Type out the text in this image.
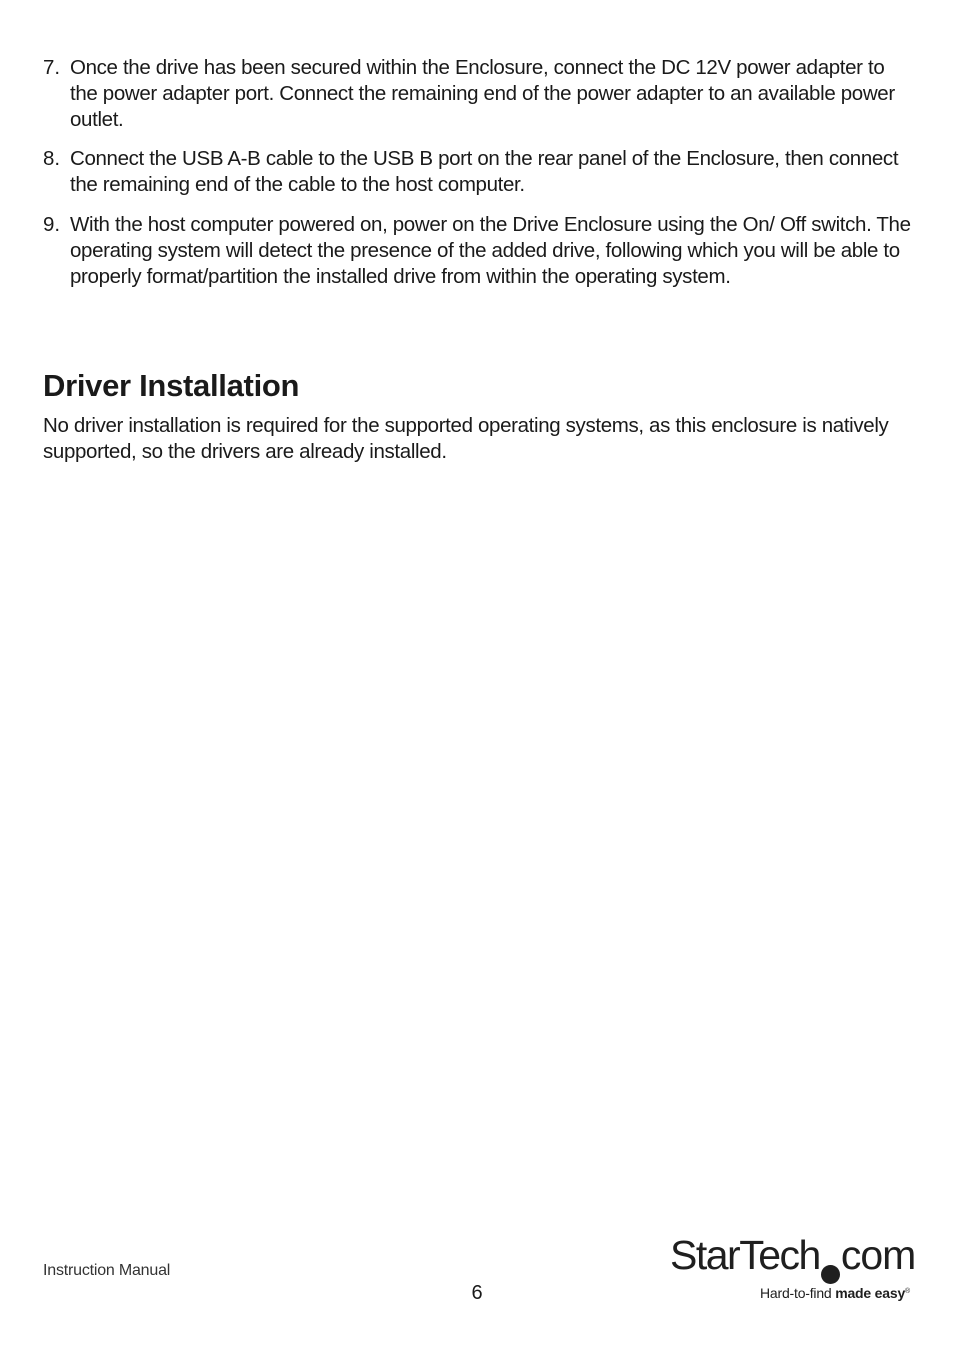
7. Once the drive has been secured within the Enclosure, connect the DC 12V power adapter to the power adapter port. Connect the remaining end of the power adapter to an available power outlet.
8. Connect the USB A-B cable to the USB B port on the rear panel of the Enclosure, then connect the remaining end of the cable to the host computer.
9. With the host computer powered on, power on the Drive Enclosure using the On/ Off switch. The operating system will detect the presence of the added drive, following which you will be able to properly format/partition the installed drive from within the operating system.
Driver Installation

No driver installation is required for the supported operating systems, as this enclosure is natively supported, so the drivers are already installed.

Instruction Manual
6
StarTech com
Hard-to-find made easy®
